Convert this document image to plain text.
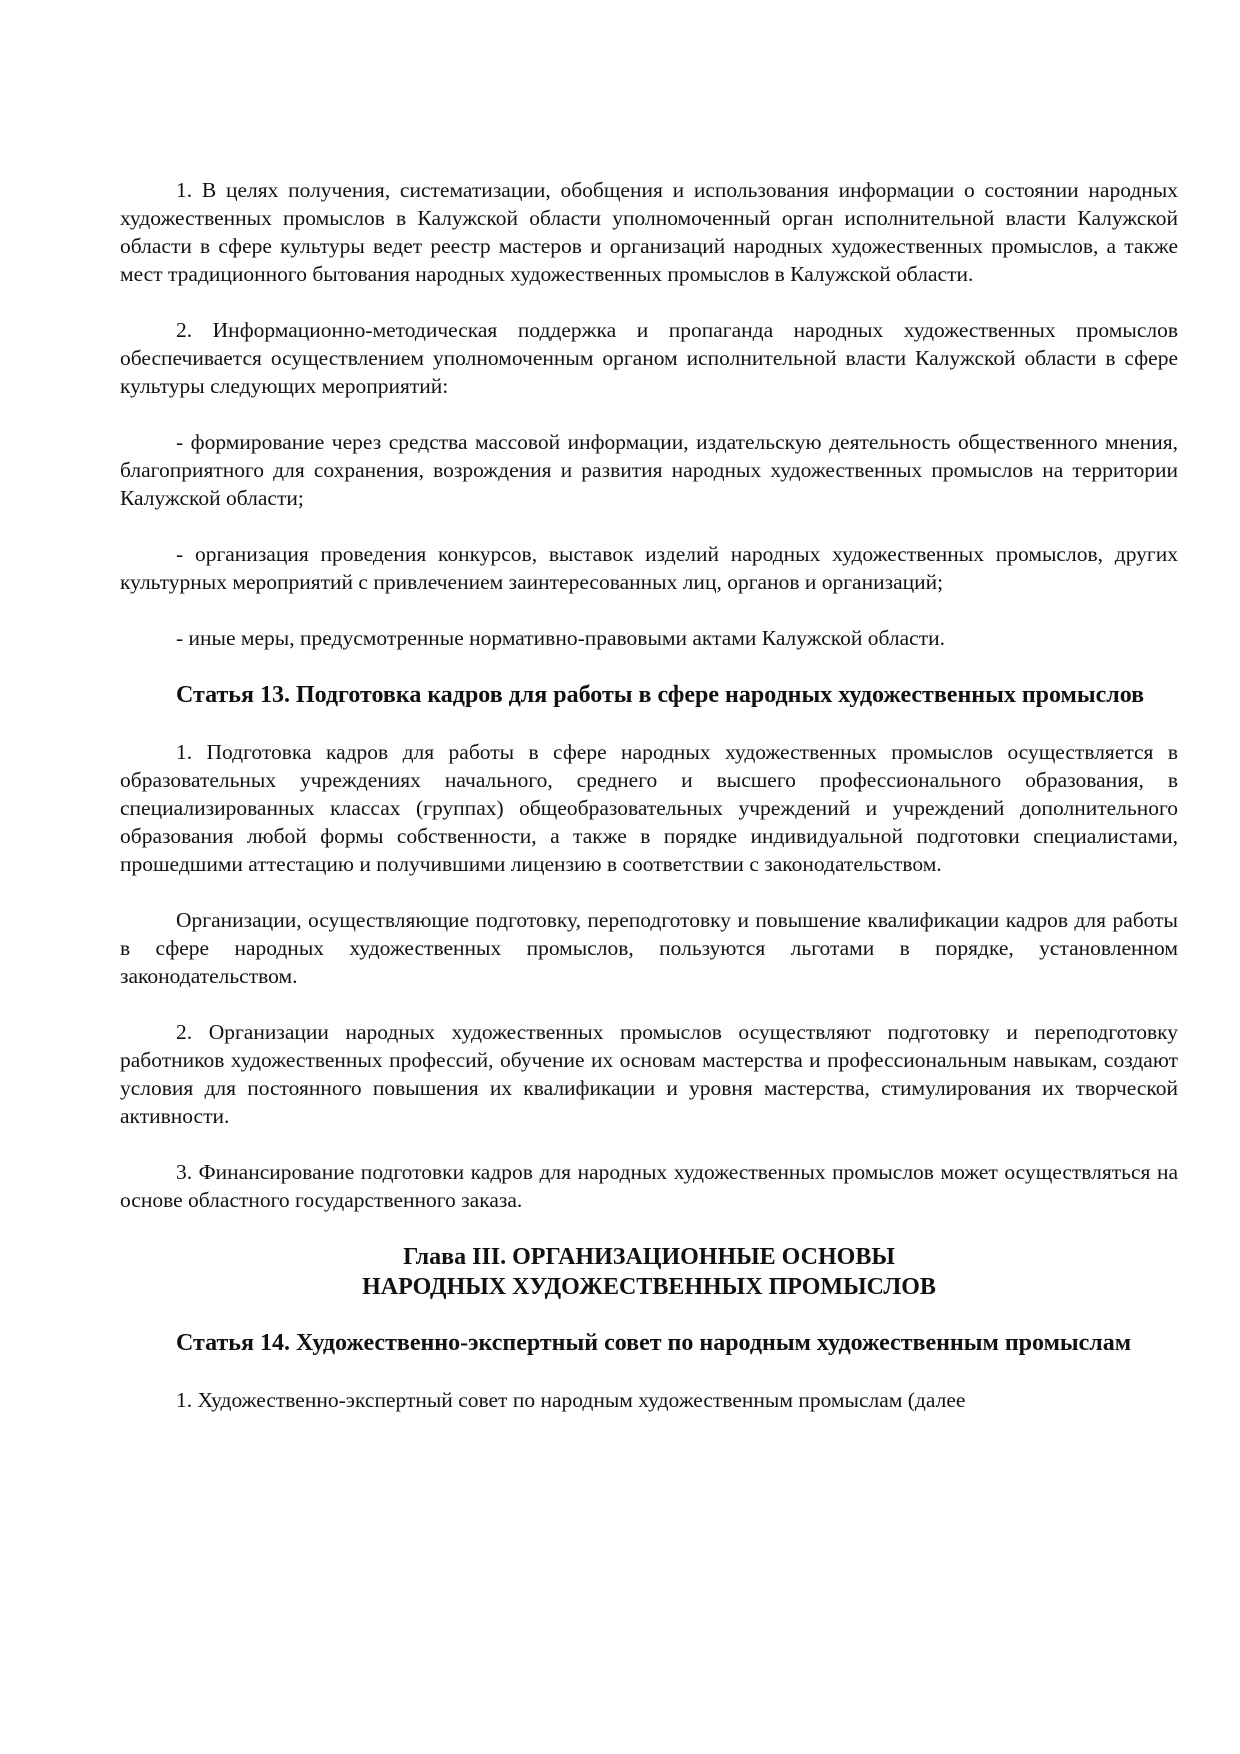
1. В целях получения, систематизации, обобщения и использования информации о состоянии народных художественных промыслов в Калужской области уполномоченный орган исполнительной власти Калужской области в сфере культуры ведет реестр мастеров и организаций народных художественных промыслов, а также мест традиционного бытования народных художественных промыслов в Калужской области.

2. Информационно-методическая поддержка и пропаганда народных художественных промыслов обеспечивается осуществлением уполномоченным органом исполнительной власти Калужской области в сфере культуры следующих мероприятий:

- формирование через средства массовой информации, издательскую деятельность общественного мнения, благоприятного для сохранения, возрождения и развития народных художественных промыслов на территории Калужской области;

- организация проведения конкурсов, выставок изделий народных художественных промыслов, других культурных мероприятий с привлечением заинтересованных лиц, органов и организаций;

- иные меры, предусмотренные нормативно-правовыми актами Калужской области.

Статья 13. Подготовка кадров для работы в сфере народных художественных промыслов

1. Подготовка кадров для работы в сфере народных художественных промыслов осуществляется в образовательных учреждениях начального, среднего и высшего профессионального образования, в специализированных классах (группах) общеобразовательных учреждений и учреждений дополнительного образования любой формы собственности, а также в порядке индивидуальной подготовки специалистами, прошедшими аттестацию и получившими лицензию в соответствии с законодательством.

Организации, осуществляющие подготовку, переподготовку и повышение квалификации кадров для работы в сфере народных художественных промыслов, пользуются льготами в порядке, установленном законодательством.

2. Организации народных художественных промыслов осуществляют подготовку и переподготовку работников художественных профессий, обучение их основам мастерства и профессиональным навыкам, создают условия для постоянного повышения их квалификации и уровня мастерства, стимулирования их творческой активности.

3. Финансирование подготовки кадров для народных художественных промыслов может осуществляться на основе областного государственного заказа.

Глава III. ОРГАНИЗАЦИОННЫЕ ОСНОВЫ
НАРОДНЫХ ХУДОЖЕСТВЕННЫХ ПРОМЫСЛОВ
Статья 14. Художественно-экспертный совет по народным художественным промыслам

1. Художественно-экспертный совет по народным художественным промыслам (далее
